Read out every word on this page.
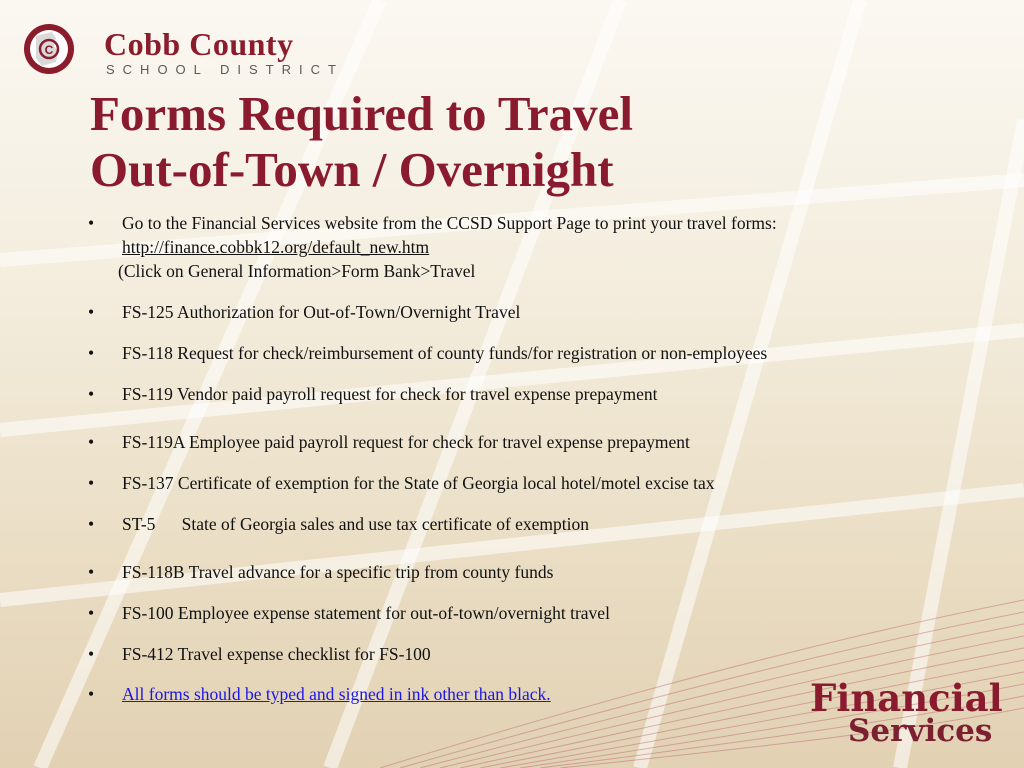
C Cobb County
SCHOOL DISTRICT
Forms Required to Travel
Out-of-Town / Overnight
• Go to the Financial Services website from the CCSD Support Page to print your travel forms:
http://finance.cobbk12.org/default_new.htm
(Click on General Information>Form Bank>Travel
• FS-125 Authorization for Out-of-Town/Overnight Travel
• FS-118 Request for check/reimbursement of county funds/for registration or non-employees
• FS-119 Vendor paid payroll request for check for travel expense prepayment
• FS-119A Employee paid payroll request for check for travel expense prepayment
• FS-137 Certificate of exemption for the State of Georgia local hotel/motel excise tax
• ST-5      State of Georgia sales and use tax certificate of exemption
• FS-118B Travel advance for a specific trip from county funds
• FS-100 Employee expense statement for out-of-town/overnight travel
• FS-412 Travel expense checklist for FS-100
• All forms should be typed and signed in ink other than black.	Financial
Services
